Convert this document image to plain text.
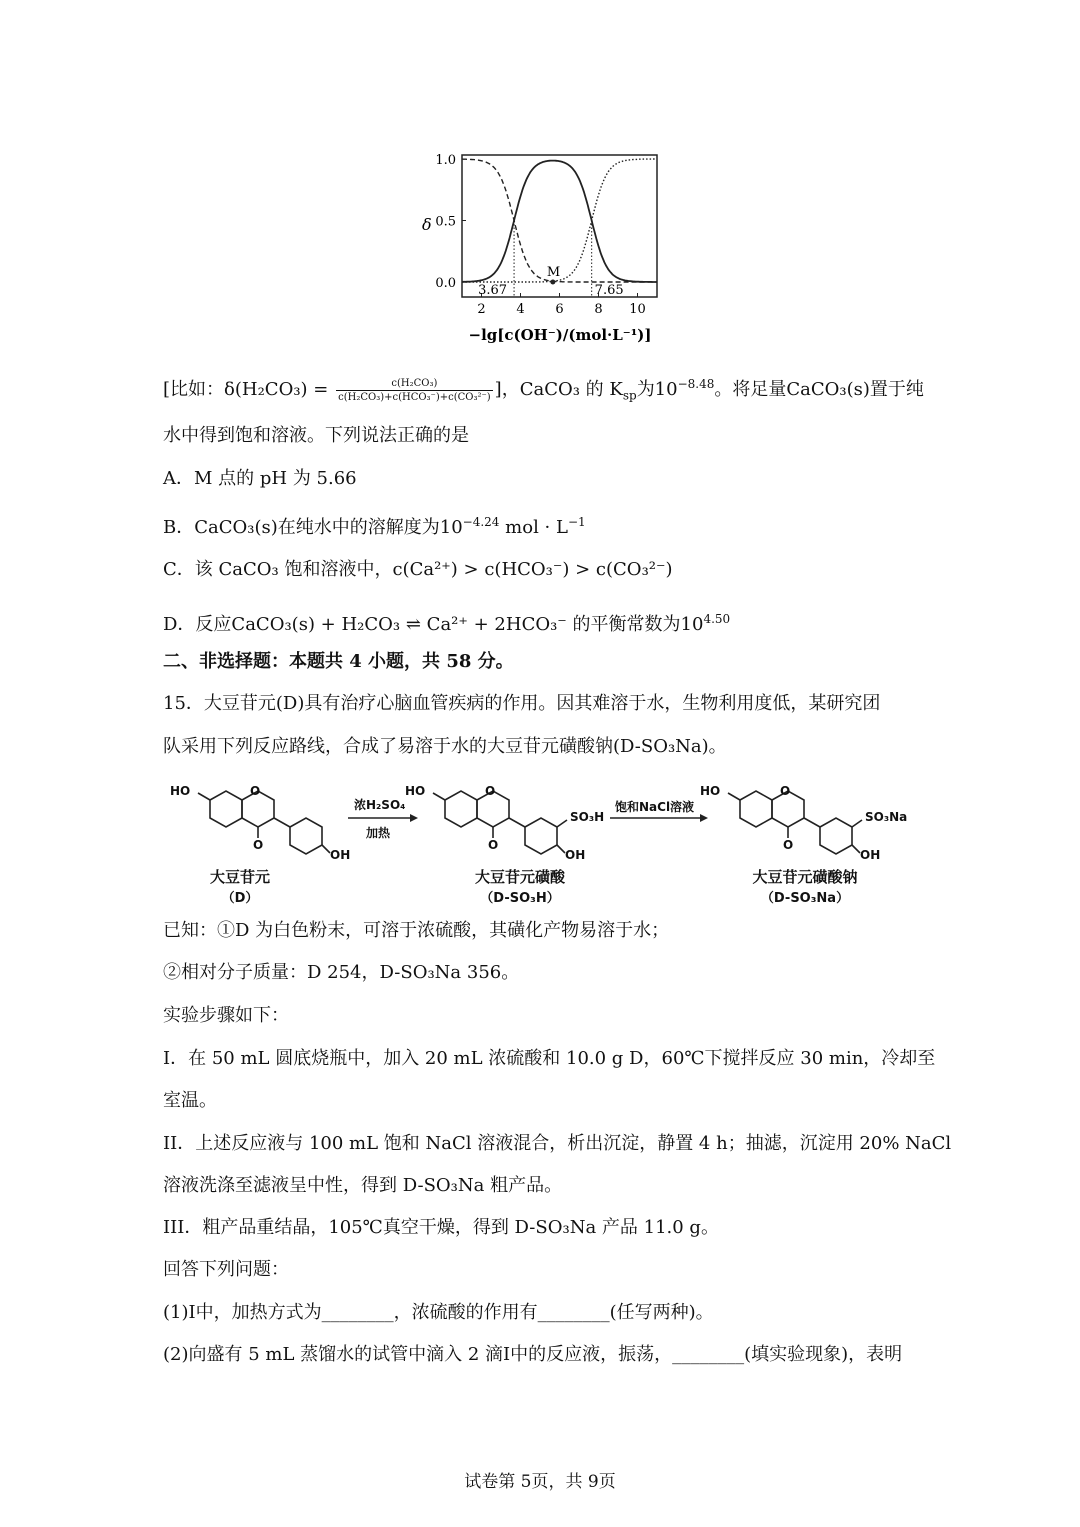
δ
−lg[c(OH⁻)/(mol·L⁻¹)]
M
1.0
0.5
0.0
2 4 6 8 10
3.67	7.65
[比如：$\delta(H_2CO_3) = \frac{\text{c(H₂CO₃)}}{\text{c(H₂CO₃)+c(HCO₃⁻)+c(CO₃²⁻)}}$ ]，CaCO₃ 的 $K_{sp}$为$10^{-8.48}$。将足量CaCO₃(s)置于纯
水中得到饱和溶液。下列说法正确的是
A．M 点的 pH 为 5.66
B．CaCO₃(s)在纯水中的溶解度为$10^{-4.24}$ mol · $L^{-1}$
C．该 CaCO₃ 饱和溶液中，c(Ca²⁺) > c(HCO₃⁻) > c(CO₃²⁻)
D．反应CaCO₃(s) + H₂CO₃ ⇌ Ca²⁺ + 2HCO₃⁻ 的平衡常数为$10^{4.50}$
二、非选择题：本题共 4 小题，共 58 分。
15．大豆苷元(D)具有治疗心脑血管疾病的作用。因其难溶于水，生物利用度低，某研究团
队采用下列反应路线，合成了易溶于水的大豆苷元磺酸钠(D-SO₃Na)。
浓H₂SO₄
加热
饱和NaCl溶液
HO	O
O
OH
HO	O
O
SO₃H
OH
HO	O
O
SO₃Na
OH
大豆苷元
（D）
大豆苷元磺酸
（D-SO₃H）
大豆苷元磺酸钠
（D-SO₃Na）
已知：①D 为白色粉末，可溶于浓硫酸，其磺化产物易溶于水；
②相对分子质量：D 254，D-SO₃Na 356。
实验步骤如下：
I．在 50 mL 圆底烧瓶中，加入 20 mL 浓硫酸和 10.0 g D，60℃下搅拌反应 30 min，冷却至
室温。
II．上述反应液与 100 mL 饱和 NaCl 溶液混合，析出沉淀，静置 4 h；抽滤，沉淀用 20% NaCl
溶液洗涤至滤液呈中性，得到 D-SO₃Na 粗产品。
III．粗产品重结晶，105℃真空干燥，得到 D-SO₃Na 产品 11.0 g。
回答下列问题：
(1)I中，加热方式为________，浓硫酸的作用有________(任写两种)。
(2)向盛有 5 mL 蒸馏水的试管中滴入 2 滴I中的反应液，振荡，________(填实验现象)，表明
试卷第 5页，共 9页
